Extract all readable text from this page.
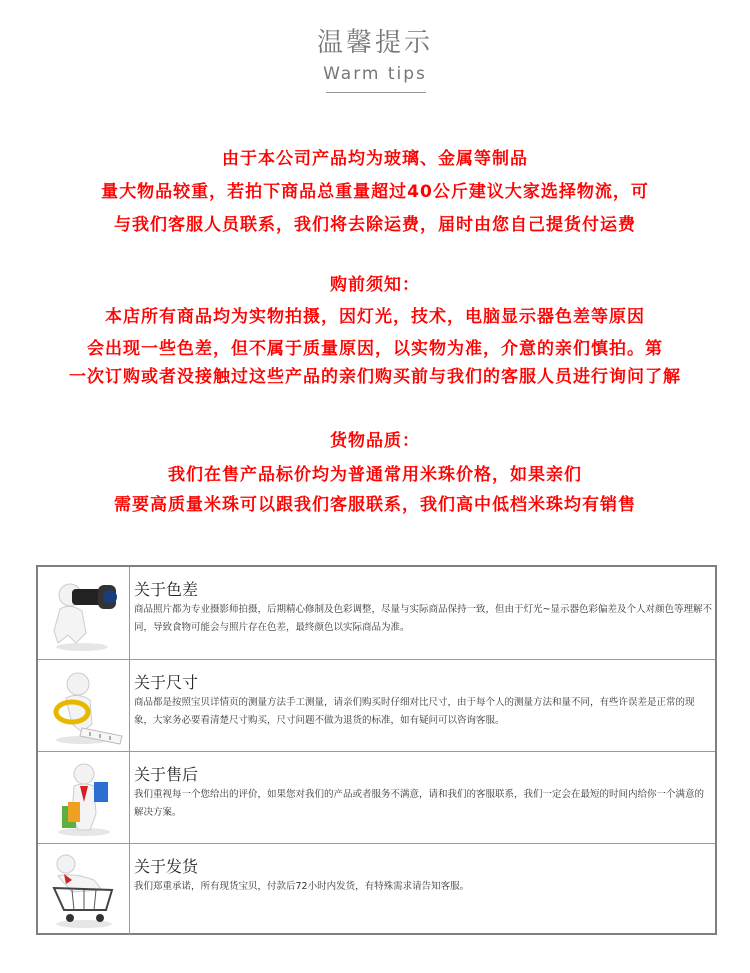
温馨提示
Warm tips
由于本公司产品均为玻璃、金属等制品
量大物品较重，若拍下商品总重量超过40公斤建议大家选择物流，可
与我们客服人员联系，我们将去除运费，届时由您自己提货付运费
购前须知：
本店所有商品均为实物拍摄，因灯光，技术，电脑显示器色差等原因
会出现一些色差，但不属于质量原因，以实物为准，介意的亲们慎拍。第
一次订购或者没接触过这些产品的亲们购买前与我们的客服人员进行询问了解
货物品质：
我们在售产品标价均为普通常用米珠价格，如果亲们
需要高质量米珠可以跟我们客服联系，我们高中低档米珠均有销售
关于色差
商品照片都为专业摄影师拍摄，后期精心修制及色彩调整，尽量与实际商品保持一致，但由于灯光~显示器色彩偏差及个人对颜色等理解不同，导致食物可能会与照片存在色差，最终颜色以实际商品为准。
关于尺寸
商品都是按照宝贝详情页的测量方法手工测量，请亲们购买时仔细对比尺寸，由于每个人的测量方法和量不同，有些许误差是正常的现象，大家务必要看清楚尺寸购买，尺寸问题不做为退货的标准，如有疑问可以咨询客服。
关于售后
我们重视每一个您给出的评价，如果您对我们的产品或者服务不满意，请和我们的客服联系，我们一定会在最短的时间内给你一个满意的解决方案。
关于发货
我们郑重承诺，所有现货宝贝，付款后72小时内发货，有特殊需求请告知客服。
